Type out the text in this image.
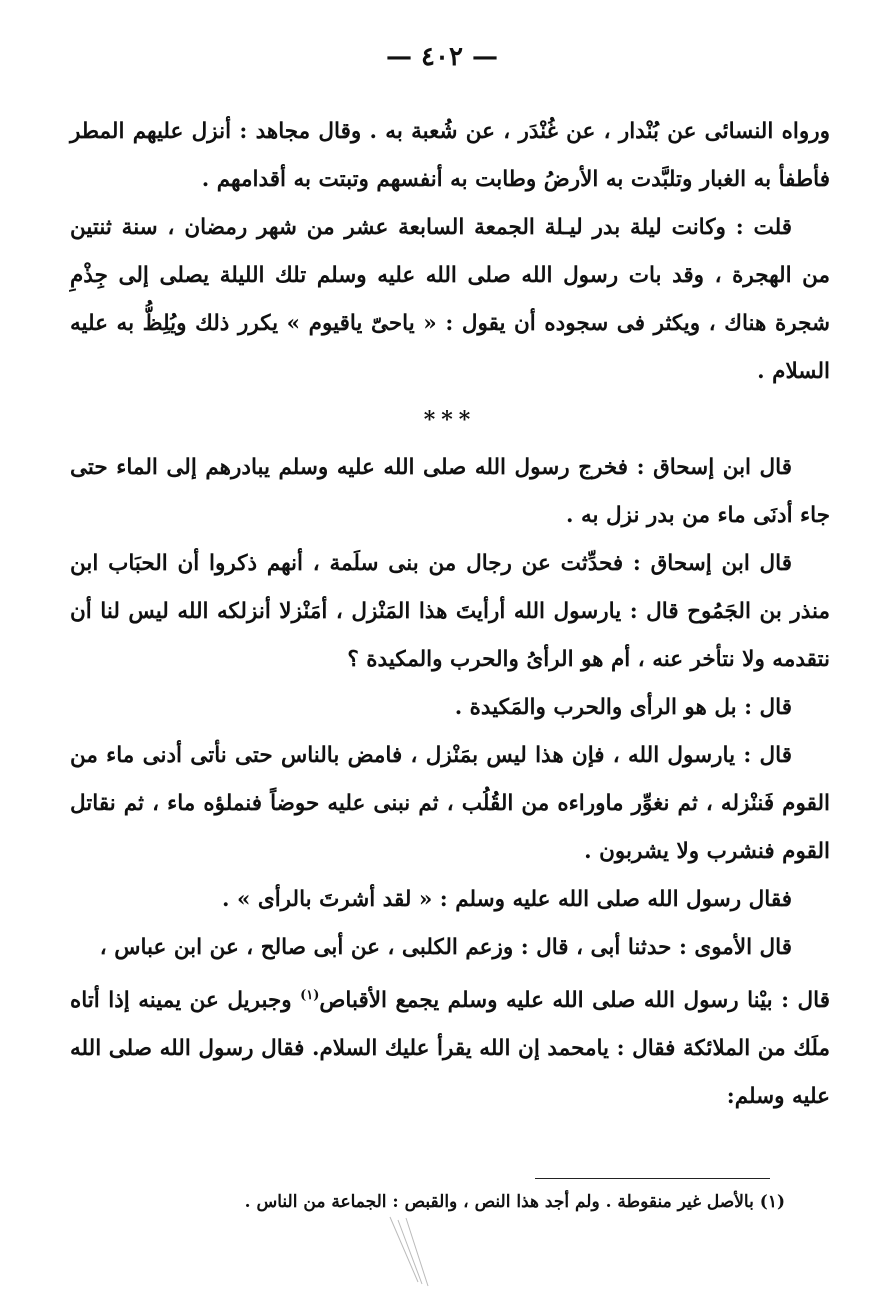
— ٤٠٢ —

ورواه النسائى عن بُنْدار ، عن غُنْدَر ، عن شُعبة به . وقال مجاهد : أنزل عليهم المطر فأطفأ به الغبار وتلبَّدت به الأرضُ وطابت به أنفسهم وتبتت به أقدامهم .

قلت : وكانت ليلة بدر ليـلة الجمعة السابعة عشر من شهر رمضان ، سنة ثنتين من الهجرة ، وقد بات رسول الله صلى الله عليه وسلم تلك الليلة يصلى إلى جِذْمِ شجرة هناك ، ويكثر فى سجوده أن يقول : « ياحىّ ياقيوم » يكرر ذلك ويُلِظُّ به عليه السلام .

***

قال ابن إسحاق : فخرج رسول الله صلى الله عليه وسلم يبادرهم إلى الماء حتى جاء أدنَى ماء من بدر نزل به .

قال ابن إسحاق : فحدِّثت عن رجال من بنى سلَمة ، أنهم ذكروا أن الحبَاب ابن منذر بن الجَمُوح قال : يارسول الله أرأيتَ هذا المَنْزل ، أمَنْزلا أنزلكه الله ليس لنا أن نتقدمه ولا نتأخر عنه ، أم هو الرأىُ والحرب والمكيدة ؟

قال : بل هو الرأى والحرب والمَكيدة .

قال : يارسول الله ، فإن هذا ليس بمَنْزل ، فامض بالناس حتى نأتى أدنى ماء من القوم فَننْزله ، ثم نغوِّر ماوراءه من القُلُب ، ثم نبنى عليه حوضاً فنملؤه ماء ، ثم نقاتل القوم فنشرب ولا يشربون .

فقال رسول الله صلى الله عليه وسلم : « لقد أشرتَ بالرأى » .

قال الأموى : حدثنا أبى ، قال : وزعم الكلبى ، عن أبى صالح ، عن ابن عباس ،

قال : بيْنا رسول الله صلى الله عليه وسلم يجمع الأقباص$^{(١)}$ وجبريل عن يمينه إذا أتاه ملَك من الملائكة فقال : يامحمد إن الله يقرأ عليك السلام. فقال رسول الله صلى الله عليه وسلم:

(١) بالأصل غير منقوطة . ولم أجد هذا النص ، والقبص : الجماعة من الناس .
